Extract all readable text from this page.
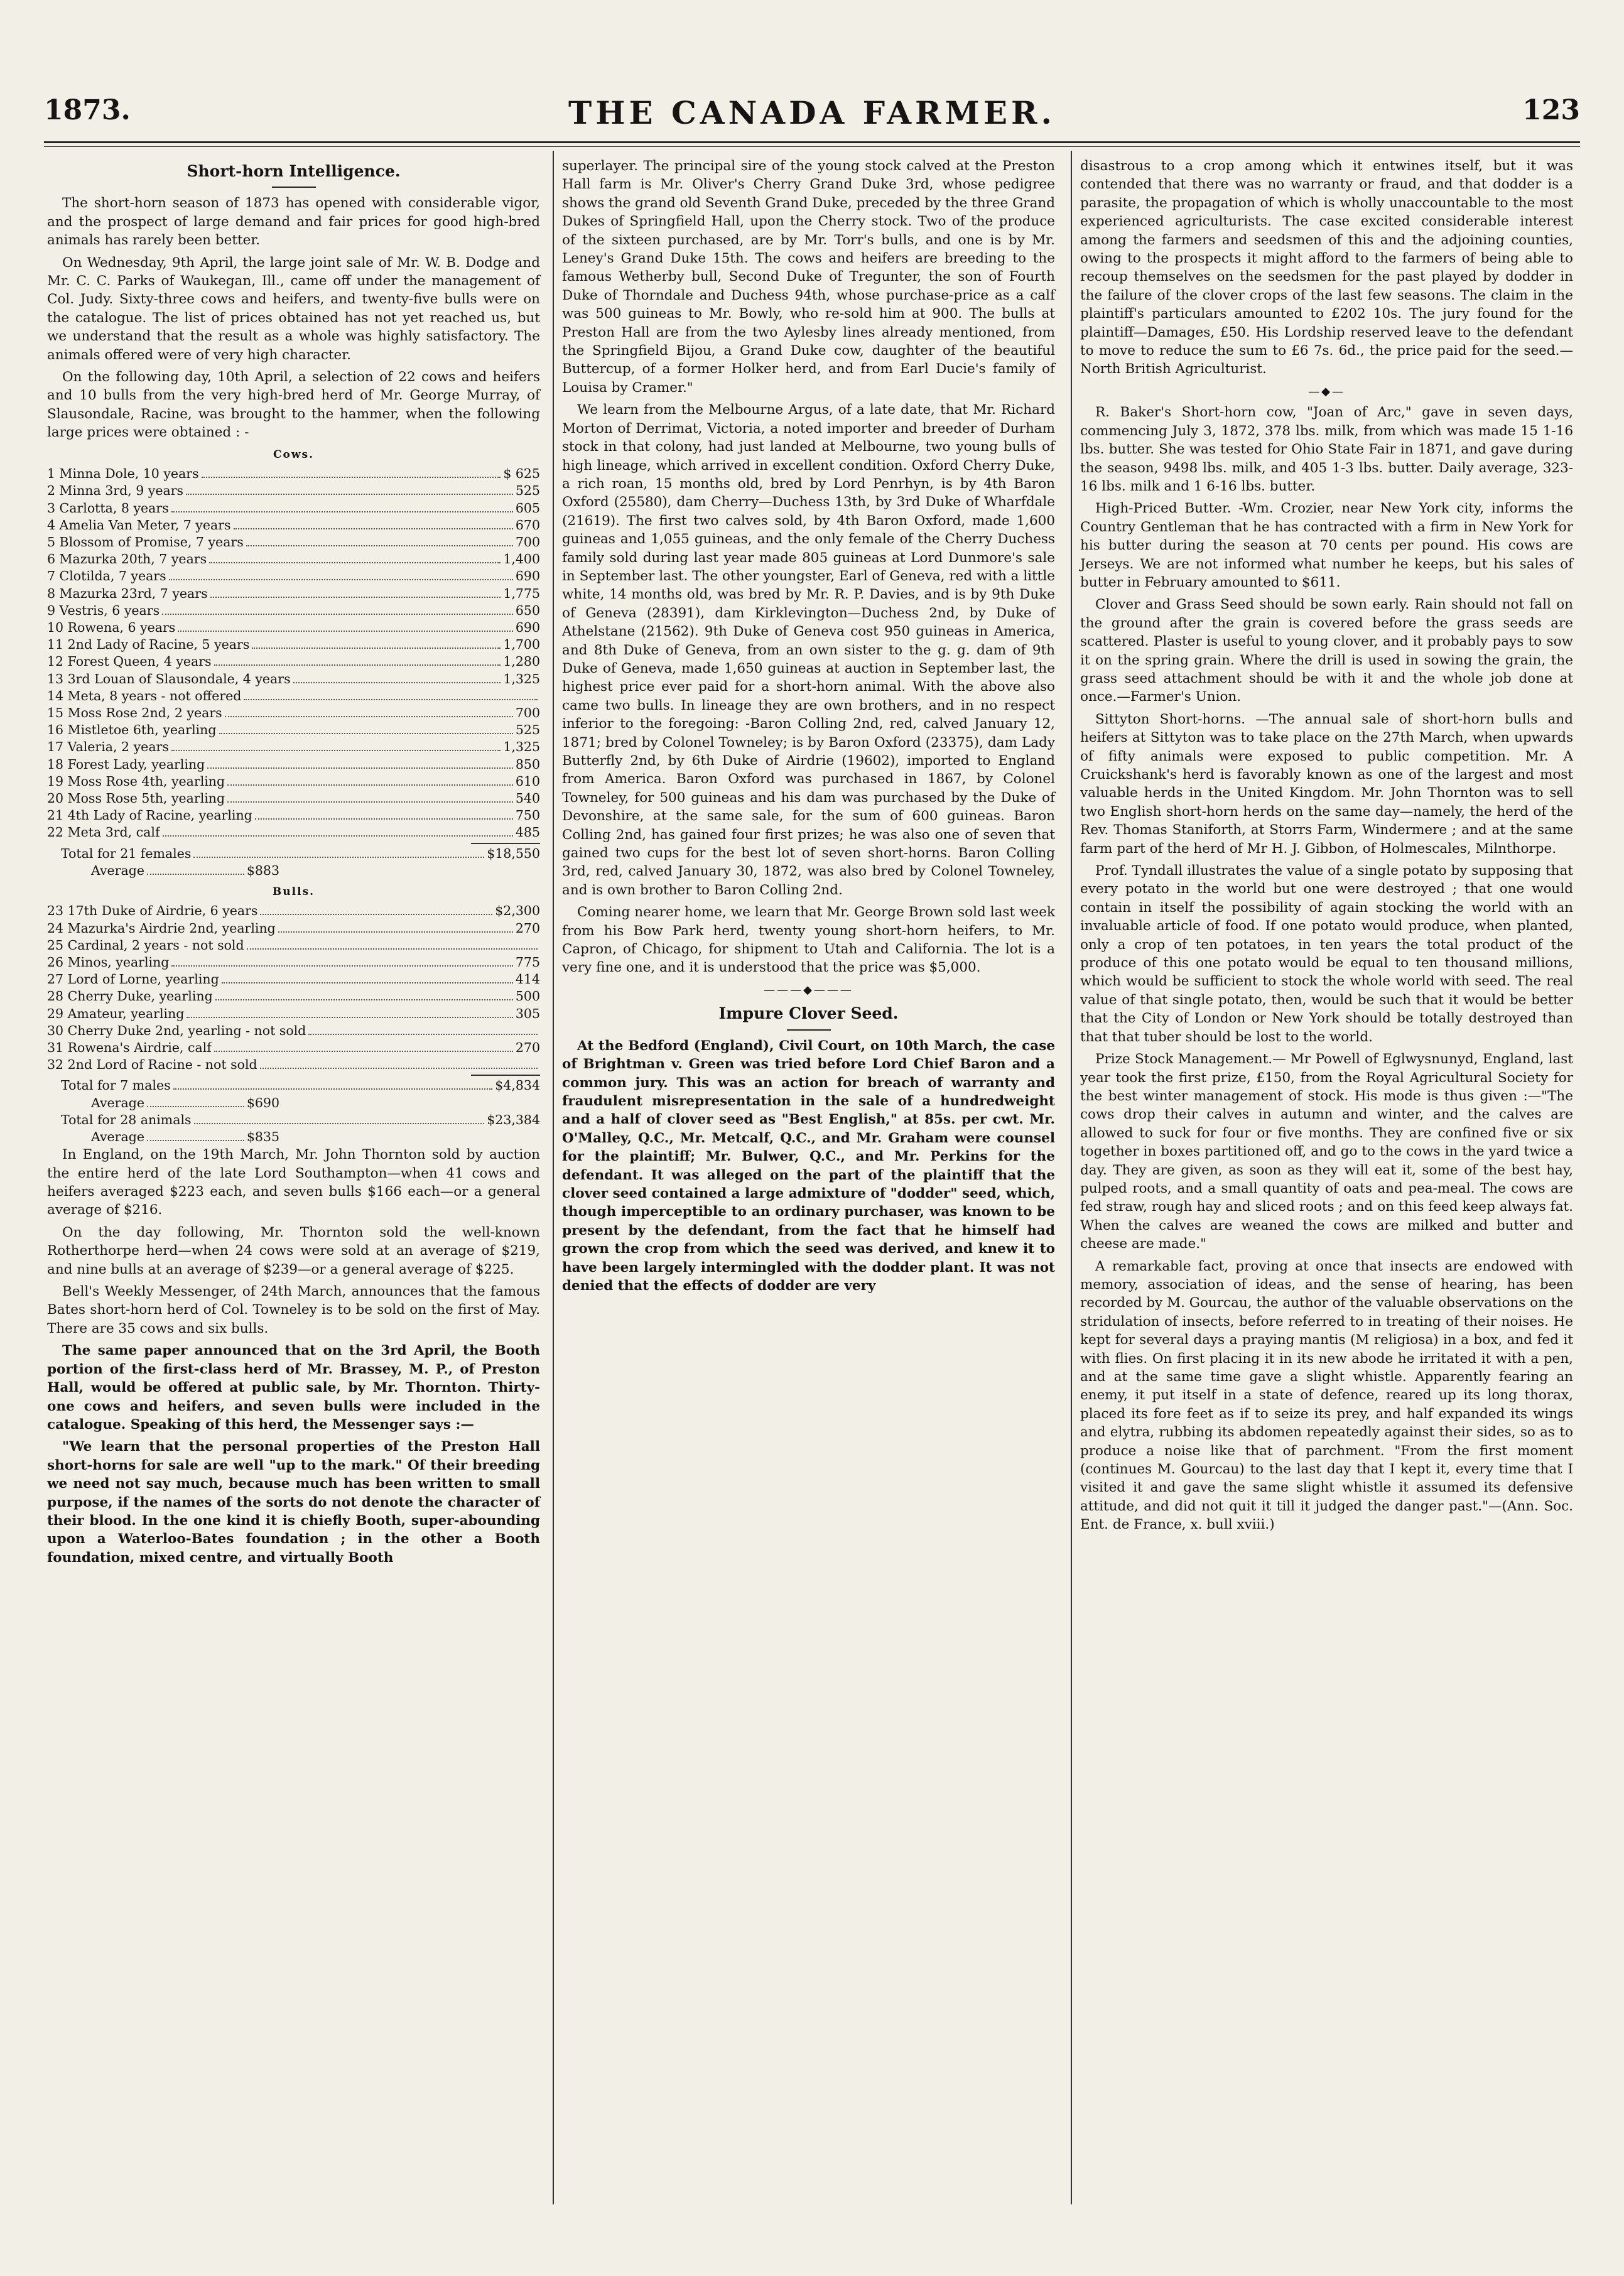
1873.	THE CANADA FARMER.	123
Short-horn Intelligence.

The short-horn season of 1873 has opened with considerable vigor, and the prospect of large demand and fair prices for good high-bred animals has rarely been better.

On Wednesday, 9th April, the large joint sale of Mr. W. B. Dodge and Mr. C. C. Parks of Waukegan, Ill., came off under the management of Col. Judy. Sixty-three cows and heifers, and twenty-five bulls were on the catalogue. The list of prices obtained has not yet reached us, but we understand that the result as a whole was highly satisfactory. The animals offered were of very high character.

On the following day, 10th April, a selection of 22 cows and heifers and 10 bulls from the very high-bred herd of Mr. George Murray, of Slausondale, Racine, was brought to the hammer, when the following large prices were obtained : -

Cows.
1 Minna Dole, 10 years	$ 625
2 Minna 3rd, 9 years	525
3 Carlotta, 8 years	605
4 Amelia Van Meter, 7 years	670
5 Blossom of Promise, 7 years	700
6 Mazurka 20th, 7 years	1,400
7 Clotilda, 7 years	690
8 Mazurka 23rd, 7 years	1,775
9 Vestris, 6 years	650
10 Rowena, 6 years	690
11 2nd Lady of Racine, 5 years	1,700
12 Forest Queen, 4 years	1,280
13 3rd Louan of Slausondale, 4 years	1,325
14 Meta, 8 years - not offered
15 Moss Rose 2nd, 2 years	700
16 Mistletoe 6th, yearling	525
17 Valeria, 2 years	1,325
18 Forest Lady, yearling	850
19 Moss Rose 4th, yearling	610
20 Moss Rose 5th, yearling	540
21 4th Lady of Racine, yearling	750
22 Meta 3rd, calf	485
Total for 21 females	$18,550
Average	$883
Bulls.
23 17th Duke of Airdrie, 6 years	$2,300
24 Mazurka's Airdrie 2nd, yearling	270
25 Cardinal, 2 years - not sold
26 Minos, yearling	775
27 Lord of Lorne, yearling	414
28 Cherry Duke, yearling	500
29 Amateur, yearling	305
30 Cherry Duke 2nd, yearling - not sold
31 Rowena's Airdrie, calf	270
32 2nd Lord of Racine - not sold
Total for 7 males	$4,834
Average	$690
Total for 28 animals	$23,384
Average	$835

In England, on the 19th March, Mr. John Thornton sold by auction the entire herd of the late Lord Southampton—when 41 cows and heifers averaged $223 each, and seven bulls $166 each—or a general average of $216.

On the day following, Mr. Thornton sold the well-known Rotherthorpe herd—when 24 cows were sold at an average of $219, and nine bulls at an average of $239—or a general average of $225.

Bell's Weekly Messenger, of 24th March, announces that the famous Bates short-horn herd of Col. Towneley is to be sold on the first of May. There are 35 cows and six bulls.

The same paper announced that on the 3rd April, the Booth portion of the first-class herd of Mr. Brassey, M. P., of Preston Hall, would be offered at public sale, by Mr. Thornton. Thirty-one cows and heifers, and seven bulls were included in the catalogue. Speaking of this herd, the Messenger says :—

"We learn that the personal properties of the Preston Hall short-horns for sale are well "up to the mark." Of their breeding we need not say much, because much has been written to small purpose, if the names of the sorts do not denote the character of their blood. In the one kind it is chiefly Booth, super-abounding upon a Waterloo-Bates foundation ; in the other a Booth foundation, mixed centre, and virtually Booth

superlayer. The principal sire of the young stock calved at the Preston Hall farm is Mr. Oliver's Cherry Grand Duke 3rd, whose pedigree shows the grand old Seventh Grand Duke, preceded by the three Grand Dukes of Springfield Hall, upon the Cherry stock. Two of the produce of the sixteen purchased, are by Mr. Torr's bulls, and one is by Mr. Leney's Grand Duke 15th. The cows and heifers are breeding to the famous Wetherby bull, Second Duke of Tregunter, the son of Fourth Duke of Thorndale and Duchess 94th, whose purchase-price as a calf was 500 guineas to Mr. Bowly, who re-sold him at 900. The bulls at Preston Hall are from the two Aylesby lines already mentioned, from the Springfield Bijou, a Grand Duke cow, daughter of the beautiful Buttercup, of a former Holker herd, and from Earl Ducie's family of Louisa by Cramer."

We learn from the Melbourne Argus, of a late date, that Mr. Richard Morton of Derrimat, Victoria, a noted importer and breeder of Durham stock in that colony, had just landed at Melbourne, two young bulls of high lineage, which arrived in excellent condition. Oxford Cherry Duke, a rich roan, 15 months old, bred by Lord Penrhyn, is by 4th Baron Oxford (25580), dam Cherry—Duchess 13th, by 3rd Duke of Wharfdale (21619). The first two calves sold, by 4th Baron Oxford, made 1,600 guineas and 1,055 guineas, and the only female of the Cherry Duchess family sold during last year made 805 guineas at Lord Dunmore's sale in September last. The other youngster, Earl of Geneva, red with a little white, 14 months old, was bred by Mr. R. P. Davies, and is by 9th Duke of Geneva (28391), dam Kirklevington—Duchess 2nd, by Duke of Athelstane (21562). 9th Duke of Geneva cost 950 guineas in America, and 8th Duke of Geneva, from an own sister to the g. g. dam of 9th Duke of Geneva, made 1,650 guineas at auction in September last, the highest price ever paid for a short-horn animal. With the above also came two bulls. In lineage they are own brothers, and in no respect inferior to the foregoing: -Baron Colling 2nd, red, calved January 12, 1871; bred by Colonel Towneley; is by Baron Oxford (23375), dam Lady Butterfly 2nd, by 6th Duke of Airdrie (19602), imported to England from America. Baron Oxford was purchased in 1867, by Colonel Towneley, for 500 guineas and his dam was purchased by the Duke of Devonshire, at the same sale, for the sum of 600 guineas. Baron Colling 2nd, has gained four first prizes; he was also one of seven that gained two cups for the best lot of seven short-horns. Baron Colling 3rd, red, calved January 30, 1872, was also bred by Colonel Towneley, and is own brother to Baron Colling 2nd.

Coming nearer home, we learn that Mr. George Brown sold last week from his Bow Park herd, twenty young short-horn heifers, to Mr. Capron, of Chicago, for shipment to Utah and California. The lot is a very fine one, and it is understood that the price was $5,000.

———◆———
Impure Clover Seed.

At the Bedford (England), Civil Court, on 10th March, the case of Brightman v. Green was tried before Lord Chief Baron and a common jury. This was an action for breach of warranty and fraudulent misrepresentation in the sale of a hundredweight and a half of clover seed as "Best English," at 85s. per cwt. Mr. O'Malley, Q.C., Mr. Metcalf, Q.C., and Mr. Graham were counsel for the plaintiff; Mr. Bulwer, Q.C., and Mr. Perkins for the defendant. It was alleged on the part of the plaintiff that the clover seed contained a large admixture of "dodder" seed, which, though imperceptible to an ordinary purchaser, was known to be present by the defendant, from the fact that he himself had grown the crop from which the seed was derived, and knew it to have been largely intermingled with the dodder plant. It was not denied that the effects of dodder are very

disastrous to a crop among which it entwines itself, but it was contended that there was no warranty or fraud, and that dodder is a parasite, the propagation of which is wholly unaccountable to the most experienced agriculturists. The case excited considerable interest among the farmers and seedsmen of this and the adjoining counties, owing to the prospects it might afford to the farmers of being able to recoup themselves on the seedsmen for the past played by dodder in the failure of the clover crops of the last few seasons. The claim in the plaintiff's particulars amounted to £202 10s. The jury found for the plaintiff—Damages, £50. His Lordship reserved leave to the defendant to move to reduce the sum to £6 7s. 6d., the price paid for the seed.—North British Agriculturist.

—◆—

R. Baker's Short-horn cow, "Joan of Arc," gave in seven days, commencing July 3, 1872, 378 lbs. milk, from which was made 15 1-16 lbs. butter. She was tested for Ohio State Fair in 1871, and gave during the season, 9498 lbs. milk, and 405 1-3 lbs. butter. Daily average, 323-16 lbs. milk and 1 6-16 lbs. butter.

High-Priced Butter. -Wm. Crozier, near New York city, informs the Country Gentleman that he has contracted with a firm in New York for his butter during the season at 70 cents per pound. His cows are Jerseys. We are not informed what number he keeps, but his sales of butter in February amounted to $611.

Clover and Grass Seed should be sown early. Rain should not fall on the ground after the grain is covered before the grass seeds are scattered. Plaster is useful to young clover, and it probably pays to sow it on the spring grain. Where the drill is used in sowing the grain, the grass seed attachment should be with it and the whole job done at once.—Farmer's Union.

Sittyton Short-horns. —The annual sale of short-horn bulls and heifers at Sittyton was to take place on the 27th March, when upwards of fifty animals were exposed to public competition. Mr. A Cruickshank's herd is favorably known as one of the largest and most valuable herds in the United Kingdom. Mr. John Thornton was to sell two English short-horn herds on the same day—namely, the herd of the Rev. Thomas Staniforth, at Storrs Farm, Windermere ; and at the same farm part of the herd of Mr H. J. Gibbon, of Holmescales, Milnthorpe.

Prof. Tyndall illustrates the value of a single potato by supposing that every potato in the world but one were destroyed ; that one would contain in itself the possibility of again stocking the world with an invaluable article of food. If one potato would produce, when planted, only a crop of ten potatoes, in ten years the total product of the produce of this one potato would be equal to ten thousand millions, which would be sufficient to stock the whole world with seed. The real value of that single potato, then, would be such that it would be better that the City of London or New York should be totally destroyed than that that tuber should be lost to the world.

Prize Stock Management.— Mr Powell of Eglwysnunyd, England, last year took the first prize, £150, from the Royal Agricultural Society for the best winter management of stock. His mode is thus given :—"The cows drop their calves in autumn and winter, and the calves are allowed to suck for four or five months. They are confined five or six together in boxes partitioned off, and go to the cows in the yard twice a day. They are given, as soon as they will eat it, some of the best hay, pulped roots, and a small quantity of oats and pea-meal. The cows are fed straw, rough hay and sliced roots ; and on this feed keep always fat. When the calves are weaned the cows are milked and butter and cheese are made."

A remarkable fact, proving at once that insects are endowed with memory, association of ideas, and the sense of hearing, has been recorded by M. Gourcau, the author of the valuable observations on the stridulation of insects, before referred to in treating of their noises. He kept for several days a praying mantis (M religiosa) in a box, and fed it with flies. On first placing it in its new abode he irritated it with a pen, and at the same time gave a slight whistle. Apparently fearing an enemy, it put itself in a state of defence, reared up its long thorax, placed its fore feet as if to seize its prey, and half expanded its wings and elytra, rubbing its abdomen repeatedly against their sides, so as to produce a noise like that of parchment. "From the first moment (continues M. Gourcau) to the last day that I kept it, every time that I visited it and gave the same slight whistle it assumed its defensive attitude, and did not quit it till it judged the danger past."—(Ann. Soc. Ent. de France, x. bull xviii.)
